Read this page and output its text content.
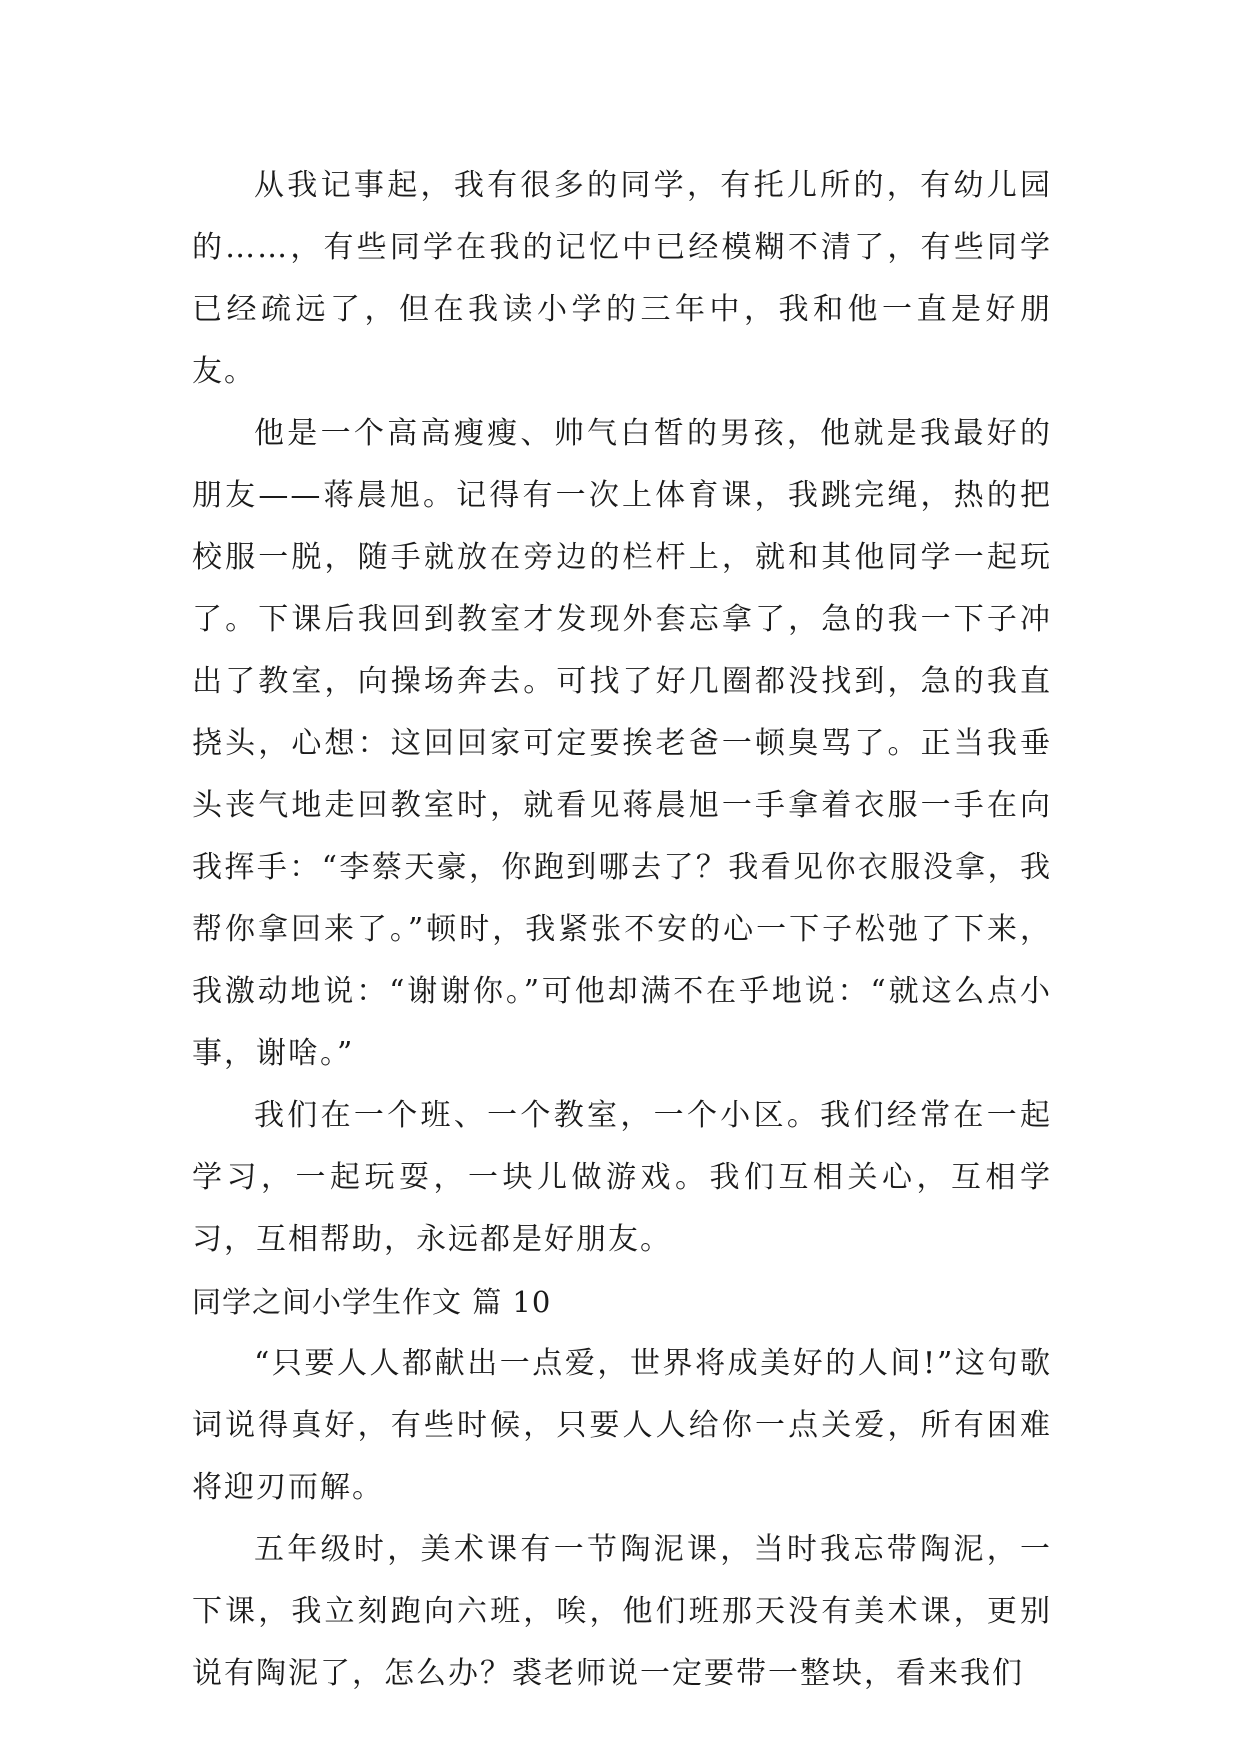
从我记事起，我有很多的同学，有托儿所的，有幼儿园的……，有些同学在我的记忆中已经模糊不清了，有些同学已经疏远了，但在我读小学的三年中，我和他一直是好朋友。

他是一个高高瘦瘦、帅气白皙的男孩，他就是我最好的朋友——蒋晨旭。记得有一次上体育课，我跳完绳，热的把校服一脱，随手就放在旁边的栏杆上，就和其他同学一起玩了。下课后我回到教室才发现外套忘拿了，急的我一下子冲出了教室，向操场奔去。可找了好几圈都没找到，急的我直挠头，心想：这回回家可定要挨老爸一顿臭骂了。正当我垂头丧气地走回教室时，就看见蒋晨旭一手拿着衣服一手在向我挥手：“李蔡天豪，你跑到哪去了？我看见你衣服没拿，我帮你拿回来了。”顿时，我紧张不安的心一下子松弛了下来，我激动地说：“谢谢你。”可他却满不在乎地说：“就这么点小事，谢啥。”

我们在一个班、一个教室，一个小区。我们经常在一起学习，一起玩耍，一块儿做游戏。我们互相关心，互相学习，互相帮助，永远都是好朋友。

同学之间小学生作文 篇 10

“只要人人都献出一点爱，世界将成美好的人间!”这句歌词说得真好，有些时候，只要人人给你一点关爱，所有困难将迎刃而解。

五年级时，美术课有一节陶泥课，当时我忘带陶泥，一下课，我立刻跑向六班，唉，他们班那天没有美术课，更别说有陶泥了，怎么办？裘老师说一定要带一整块，看来我们
